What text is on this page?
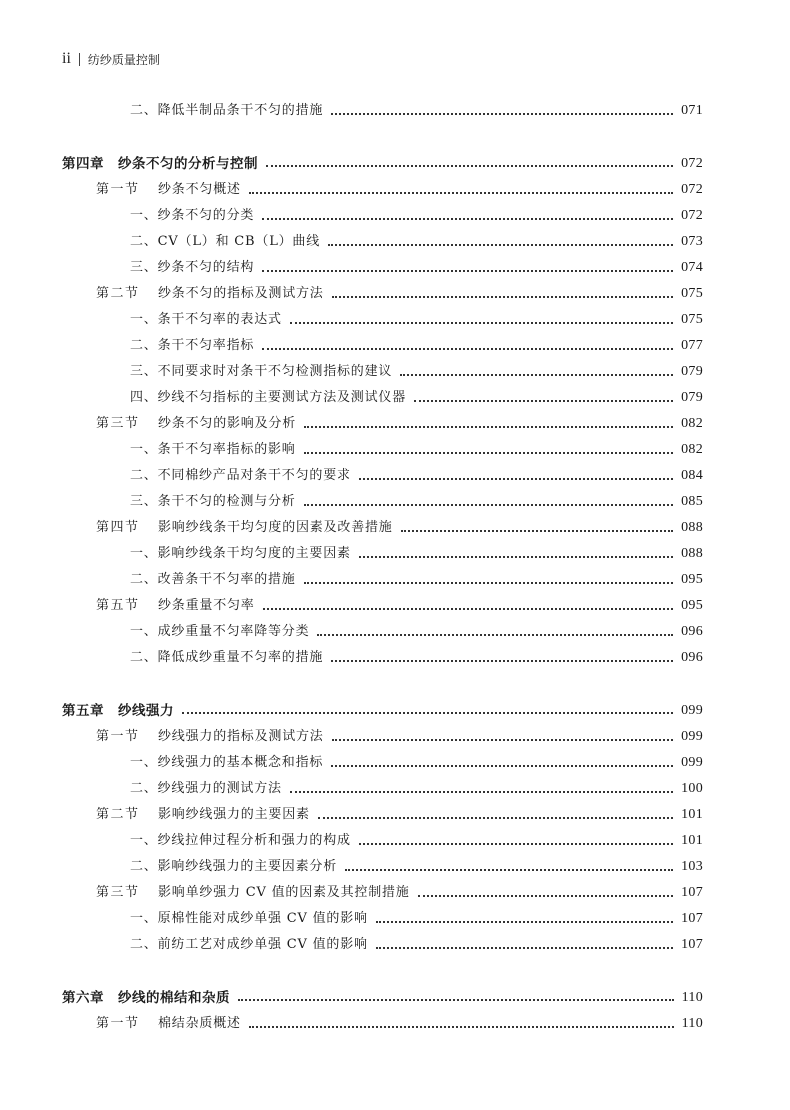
ii 纺纱质量控制
二、降低半制品条干不匀的措施	071
第四章　纱条不匀的分析与控制	072
第一节 纱条不匀概述	072
一、纱条不匀的分类	072
二、CV（L）和 CB（L）曲线	073
三、纱条不匀的结构	074
第二节 纱条不匀的指标及测试方法	075
一、条干不匀率的表达式	075
二、条干不匀率指标	077
三、不同要求时对条干不匀检测指标的建议	079
四、纱线不匀指标的主要测试方法及测试仪器	079
第三节 纱条不匀的影响及分析	082
一、条干不匀率指标的影响	082
二、不同棉纱产品对条干不匀的要求	084
三、条干不匀的检测与分析	085
第四节 影响纱线条干均匀度的因素及改善措施	088
一、影响纱线条干均匀度的主要因素	088
二、改善条干不匀率的措施	095
第五节 纱条重量不匀率	095
一、成纱重量不匀率降等分类	096
二、降低成纱重量不匀率的措施	096
第五章　纱线强力	099
第一节 纱线强力的指标及测试方法	099
一、纱线强力的基本概念和指标	099
二、纱线强力的测试方法	100
第二节 影响纱线强力的主要因素	101
一、纱线拉伸过程分析和强力的构成	101
二、影响纱线强力的主要因素分析	103
第三节 影响单纱强力 CV 值的因素及其控制措施	107
一、原棉性能对成纱单强 CV 值的影响	107
二、前纺工艺对成纱单强 CV 值的影响	107
第六章　纱线的棉结和杂质	110
第一节 棉结杂质概述	110
